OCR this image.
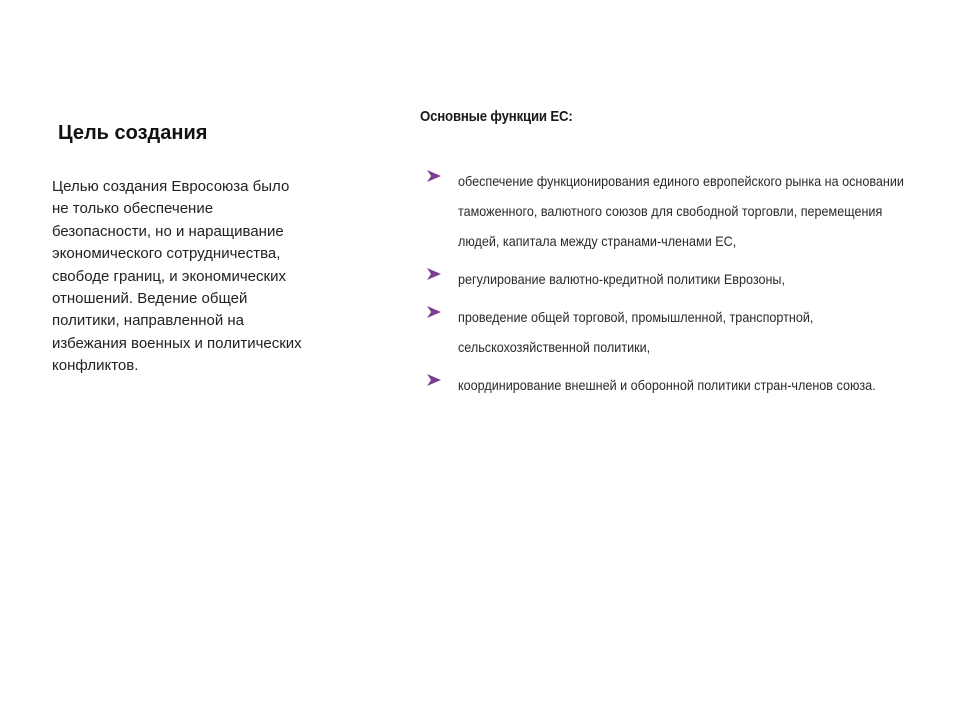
Цель создания

Целью создания Евросоюза было не только обеспечение безопасности, но и наращивание экономического сотрудничества, свободе границ, и экономических отношений. Ведение общей политики, направленной на избежания военных и политических конфликтов.

Основные функции ЕС:
обеспечение функционирования единого европейского рынка на основании таможенного, валютного союзов для свободной торговли, перемещения людей, капитала между странами-членами ЕС,
регулирование валютно-кредитной политики Еврозоны,
проведение общей торговой, промышленной, транспортной, сельскохозяйственной политики,
координирование внешней и оборонной политики стран-членов союза.
